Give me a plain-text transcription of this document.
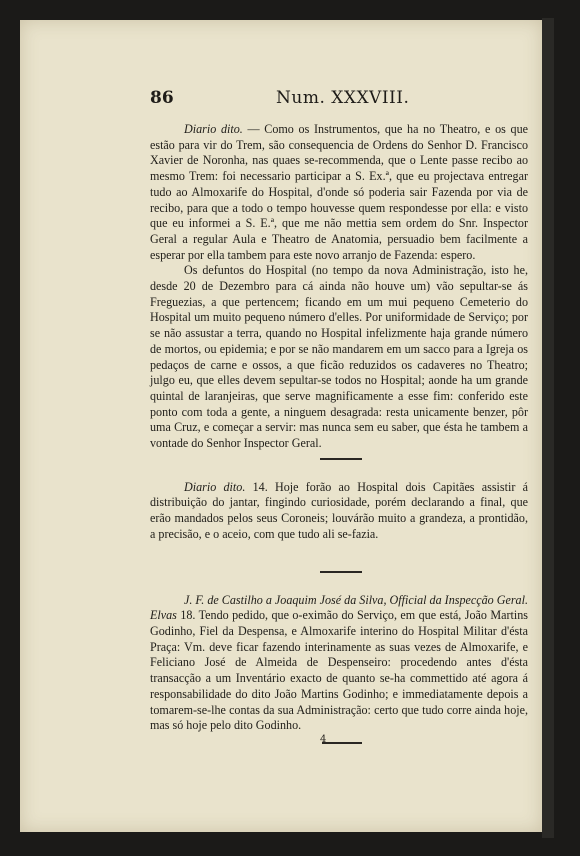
86	Num. XXXVIII.

Diario dito. — Como os Instrumentos, que ha no Theatro, e os que estão para vir do Trem, são consequencia de Ordens do Senhor D. Francisco Xavier de Noronha, nas quaes se-recommenda, que o Lente passe recibo ao mesmo Trem: foi necessario participar a S. Ex.ª, que eu projectava entregar tudo ao Almoxarife do Hospital, d'onde só poderia sair Fazenda por via de recibo, para que a todo o tempo houvesse quem respondesse por ella: e visto que eu informei a S. E.ª, que me não mettia sem ordem do Snr. Inspector Geral a regular Aula e Theatro de Anatomia, persuadio bem facilmente a esperar por ella tambem para este novo arranjo de Fazenda: espero.

Os defuntos do Hospital (no tempo da nova Administração, isto he, desde 20 de Dezembro para cá ainda não houve um) vão sepultar-se ás Freguezias, a que pertencem; ficando em um mui pequeno Cemeterio do Hospital um muito pequeno número d'elles. Por uniformidade de Serviço; por se não assustar a terra, quando no Hospital infelizmente haja grande número de mortos, ou epidemia; e por se não mandarem em um sacco para a Igreja os pedaços de carne e ossos, a que ficão reduzidos os cadaveres no Theatro; julgo eu, que elles devem sepultar-se todos no Hospital; aonde ha um grande quintal de laranjeiras, que serve magnificamente a esse fim: conferido este ponto com toda a gente, a ninguem desagrada: resta unicamente benzer, pôr uma Cruz, e começar a servir: mas nunca sem eu saber, que ésta he tambem a vontade do Senhor Inspector Geral.

Diario dito. 14. Hoje forão ao Hospital dois Capitães assistir á distribuição do jantar, fingindo curiosidade, porém declarando a final, que erão mandados pelos seus Coroneis; louvárão muito a grandeza, a prontidão, a precisão, e o aceio, com que tudo ali se-fazia.

J. F. de Castilho a Joaquim José da Silva, Official da Inspecção Geral. Elvas 18. Tendo pedido, que o-eximão do Serviço, em que está, João Martins Godinho, Fiel da Despensa, e Almoxarife interino do Hospital Militar d'ésta Praça: Vm. deve ficar fazendo interinamente as suas vezes de Almoxarife, e Feliciano José de Almeida de Despenseiro: procedendo antes d'ésta transacção a um Inventário exacto de quanto se-ha commettido até agora á responsabilidade do dito João Martins Godinho; e immediatamente depois a tomarem-se-lhe contas da sua Administração: certo que tudo corre ainda hoje, mas só hoje pelo dito Godinho.

4
